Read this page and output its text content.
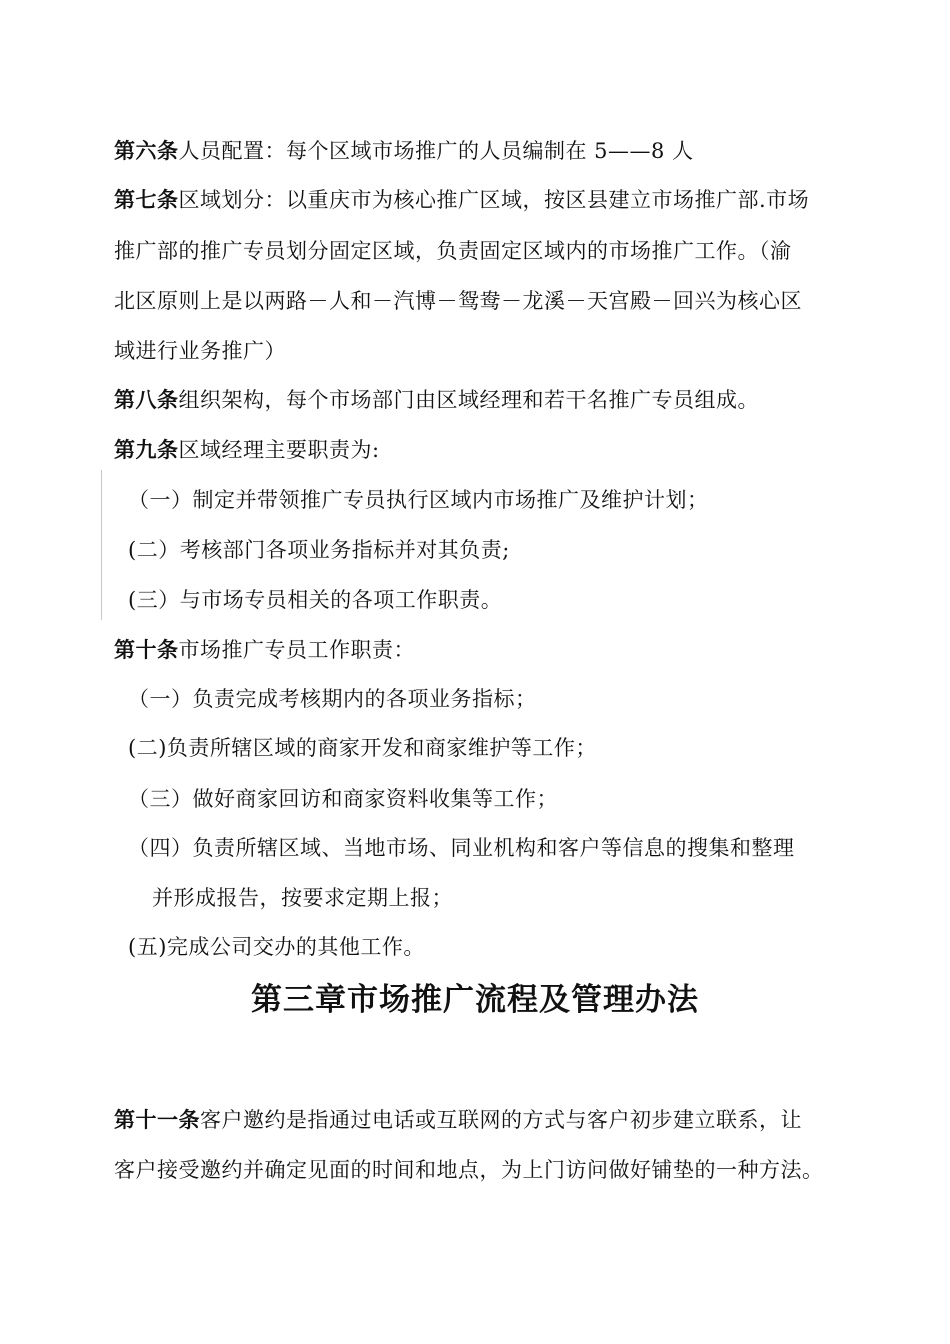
第六条人员配置：每个区域市场推广的人员编制在 5——8 人
第七条区域划分：以重庆市为核心推广区域，按区县建立市场推广部.市场
推广部的推广专员划分固定区域，负责固定区域内的市场推广工作。（渝
北区原则上是以两路－人和－汽博－鸳鸯－龙溪－天宫殿－回兴为核心区
域进行业务推广）
第八条组织架构，每个市场部门由区域经理和若干名推广专员组成。
第九条区域经理主要职责为:
（一）制定并带领推广专员执行区域内市场推广及维护计划；
(二）考核部门各项业务指标并对其负责;
(三）与市场专员相关的各项工作职责。
第十条市场推广专员工作职责：
（一）负责完成考核期内的各项业务指标；
(二)负责所辖区域的商家开发和商家维护等工作；
（三）做好商家回访和商家资料收集等工作；
（四）负责所辖区域、当地市场、同业机构和客户等信息的搜集和整理
并形成报告，按要求定期上报；
(五)完成公司交办的其他工作。
第三章市场推广流程及管理办法
第十一条客户邀约是指通过电话或互联网的方式与客户初步建立联系，让
客户接受邀约并确定见面的时间和地点，为上门访问做好铺垫的一种方法。
